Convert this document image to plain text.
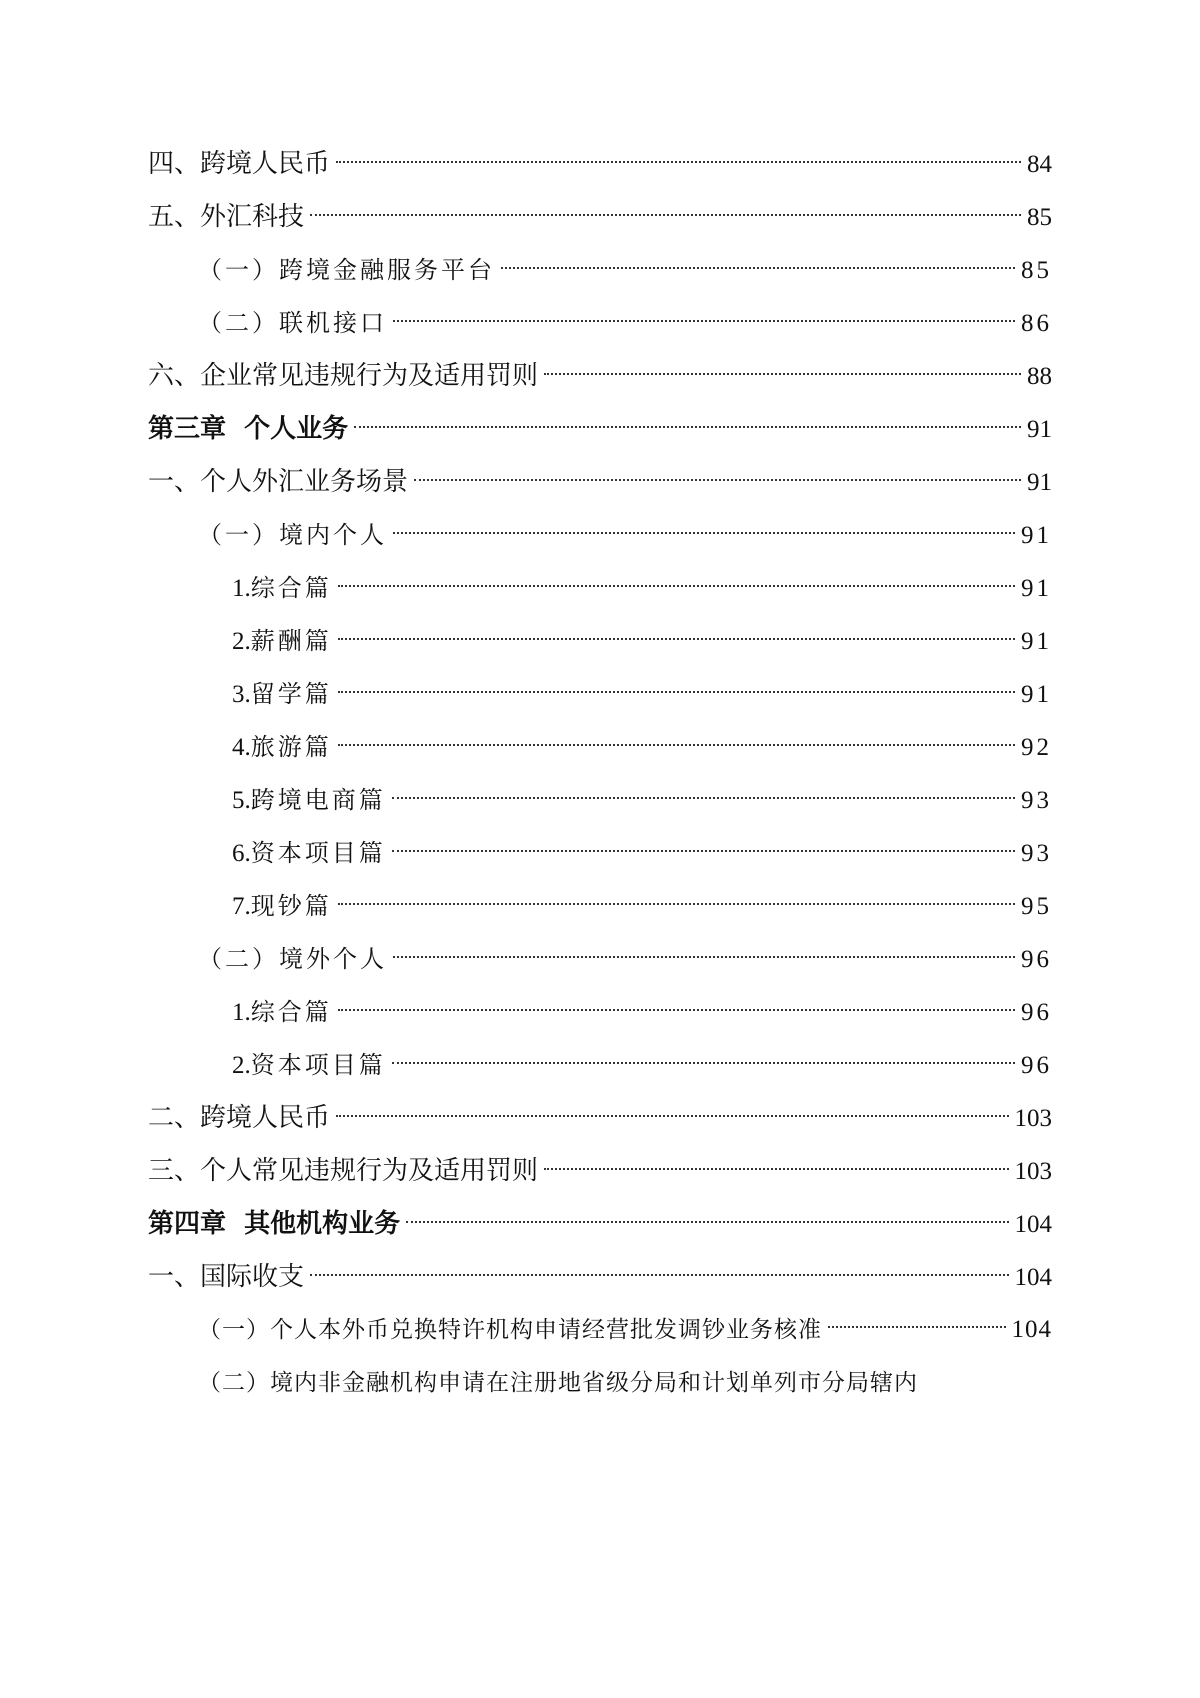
四、跨境人民币	84
五、外汇科技	85
（一）跨境金融服务平台	85
（二）联机接口	86
六、企业常见违规行为及适用罚则	88
第三章  个人业务	91
一、个人外汇业务场景	91
（一）境内个人	91
1.综合篇	91
2.薪酬篇	91
3.留学篇	91
4.旅游篇	92
5.跨境电商篇	93
6.资本项目篇	93
7.现钞篇	95
（二）境外个人	96
1.综合篇	96
2.资本项目篇	96
二、跨境人民币	103
三、个人常见违规行为及适用罚则	103
第四章  其他机构业务	104
一、国际收支	104
（一）个人本外币兑换特许机构申请经营批发调钞业务核准	104
（二）境内非金融机构申请在注册地省级分局和计划单列市分局辖内
